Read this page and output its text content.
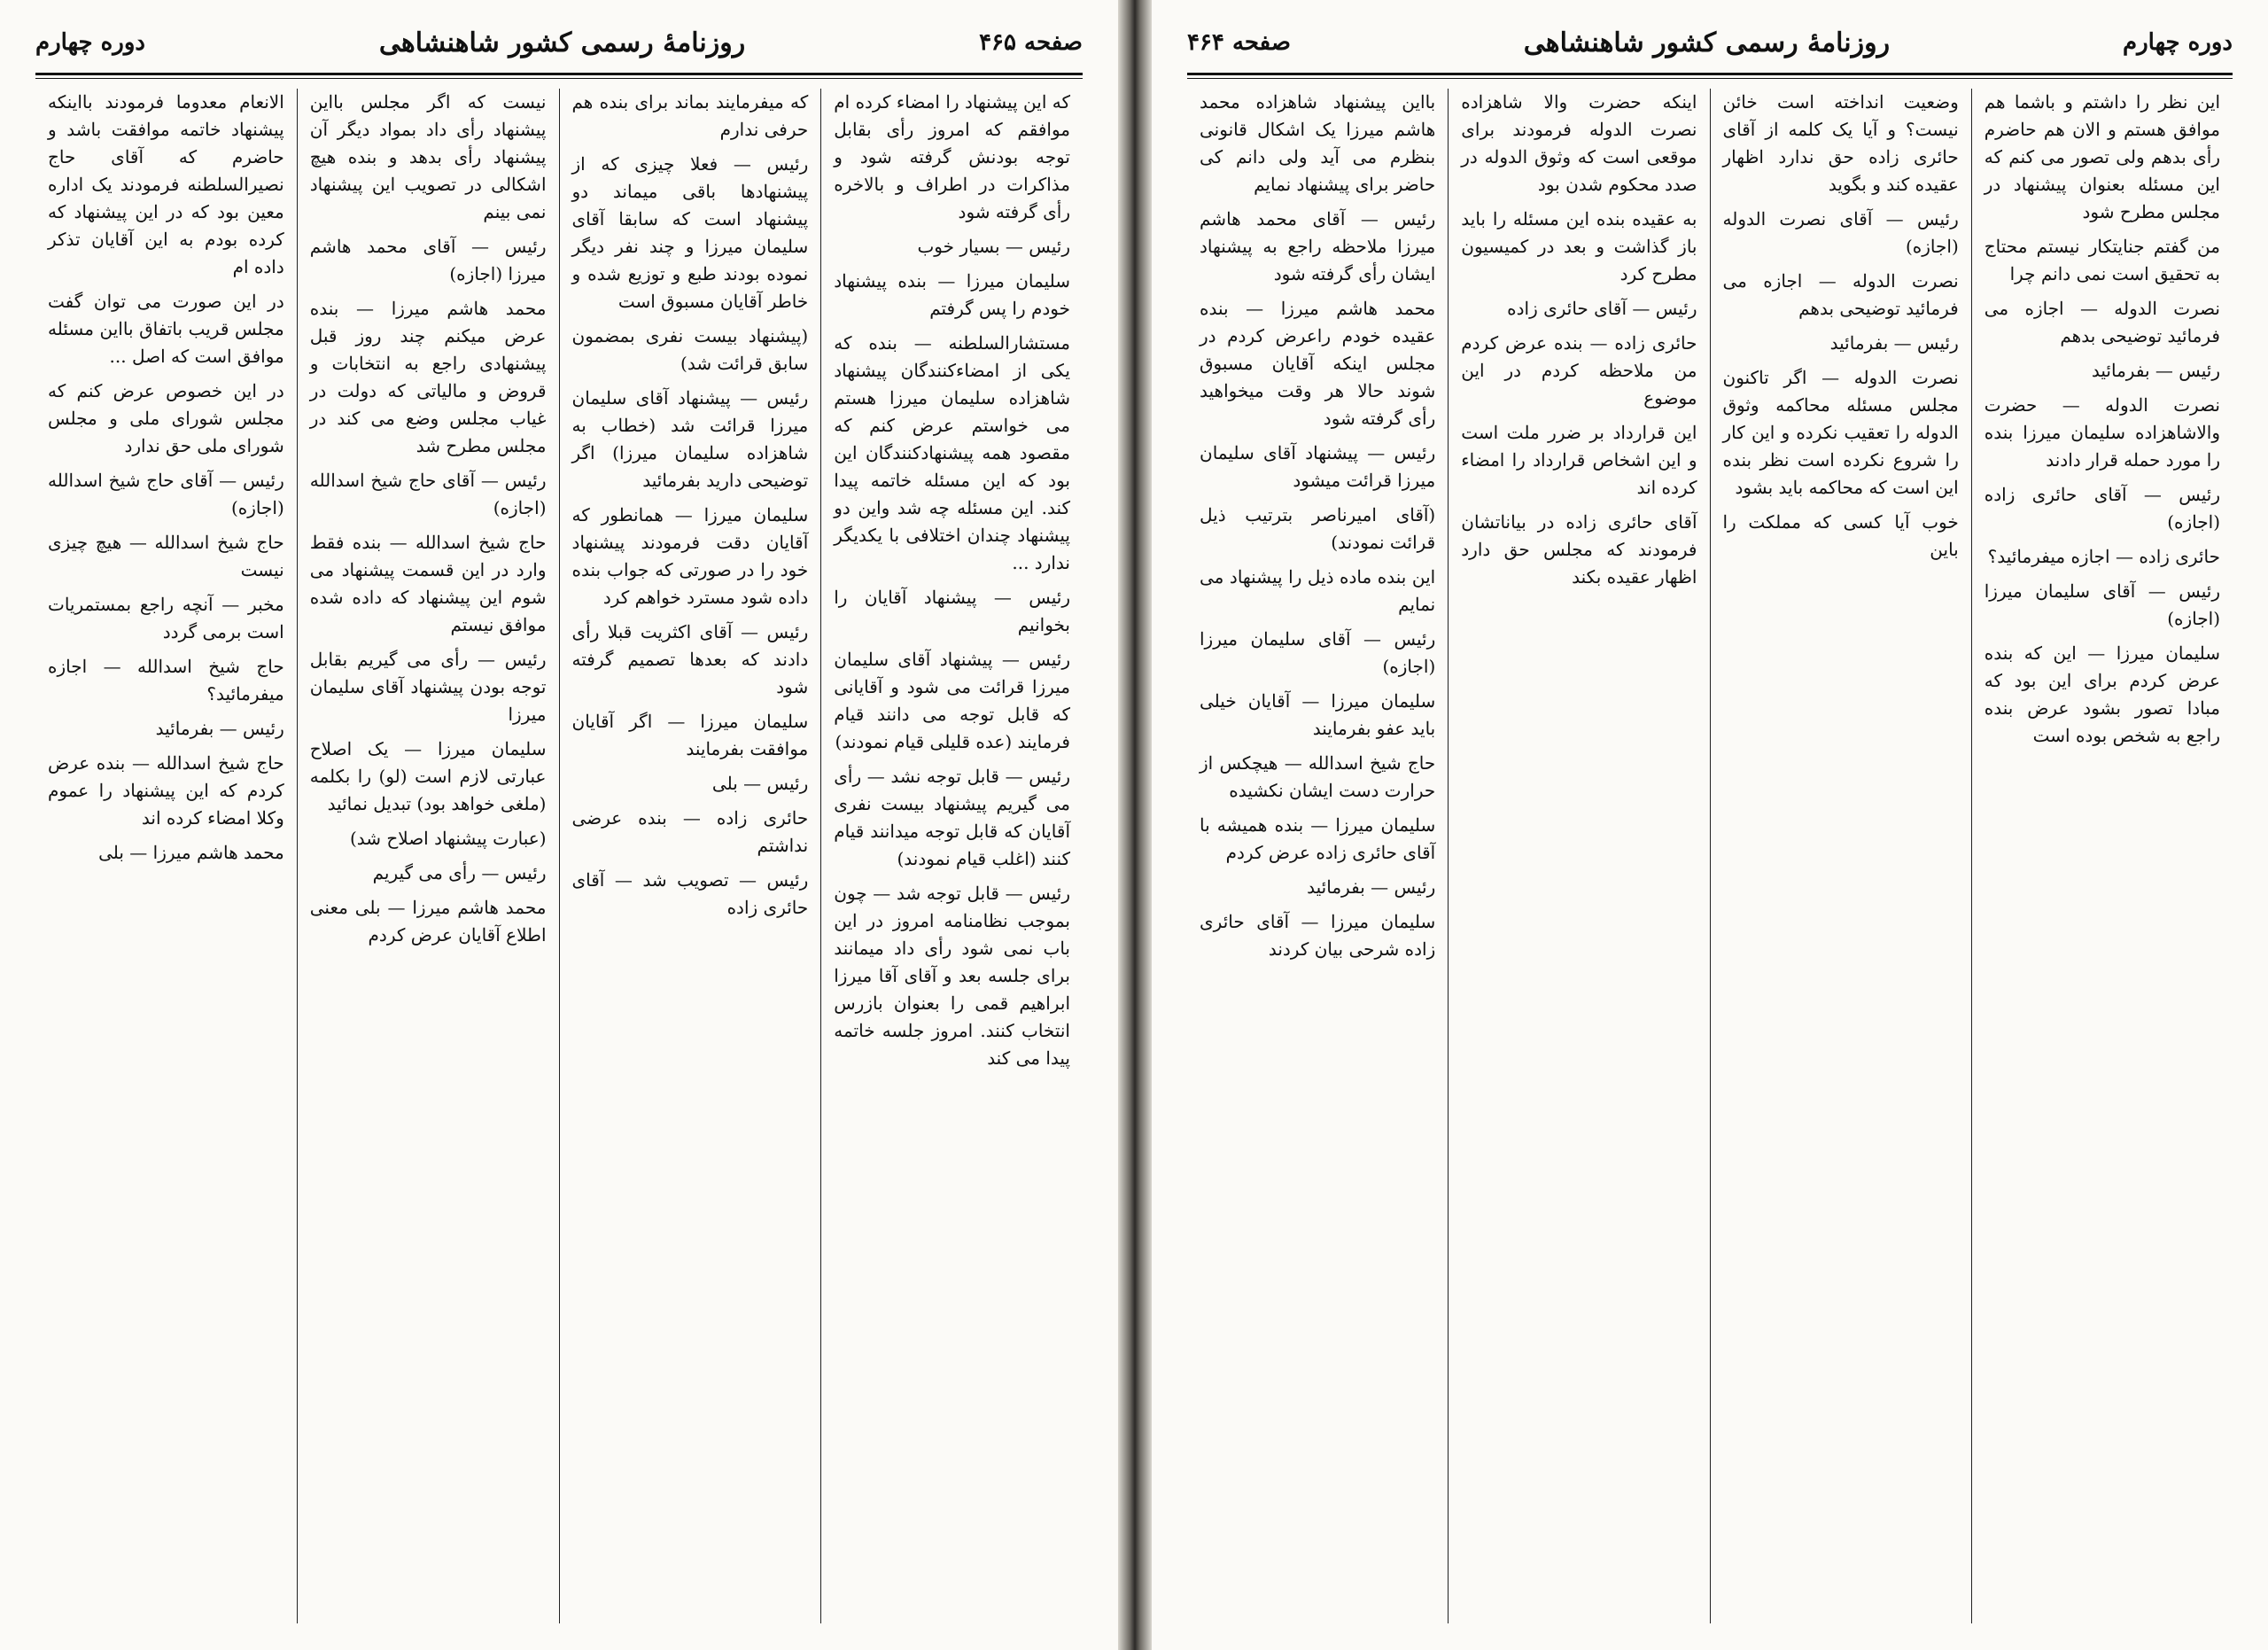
صفحه ۴۶۵
روزنامهٔ رسمی کشور شاهنشاهی
دوره چهارم

که این پیشنهاد را امضاء کرده ام موافقم که امروز رأی بقابل توجه بودنش گرفته شود و مذاکرات در اطراف و بالاخره رأی گرفته شود

رئیس — بسیار خوب

سلیمان میرزا — بنده پیشنهاد خودم را پس گرفتم

مستشارالسلطنه — بنده که یکی از امضاءکنندگان پیشنهاد شاهزاده سلیمان میرزا هستم می خواستم عرض کنم که مقصود همه پیشنهادکنندگان این بود که این مسئله خاتمه پیدا کند. این مسئله چه شد واین دو پیشنهاد چندان اختلافی با یکدیگر ندارد ...

رئیس — پیشنهاد آقایان را بخوانیم

رئیس — پیشنهاد آقای سلیمان میرزا قرائت می شود و آقایانی که قابل توجه می دانند قیام فرمایند (عده قلیلی قیام نمودند)

رئیس — قابل توجه نشد — رأی می گیریم پیشنهاد بیست نفری آقایان که قابل توجه میدانند قیام کنند (اغلب قیام نمودند)

رئیس — قابل توجه شد — چون بموجب نظامنامه امروز در این باب نمی شود رأی داد میمانند برای جلسه بعد و آقای آقا میرزا ابراهیم قمی را بعنوان بازرس انتخاب کنند. امروز جلسه خاتمه پیدا می کند

که میفرمایند بماند برای بنده هم حرفی ندارم

رئیس — فعلا چیزی که از پیشنهادها باقی میماند دو پیشنهاد است که سابقا آقای سلیمان میرزا و چند نفر دیگر نموده بودند طبع و توزیع شده و خاطر آقایان مسبوق است

(پیشنهاد بیست نفری بمضمون سابق قرائت شد)

رئیس — پیشنهاد آقای سلیمان میرزا قرائت شد (خطاب به شاهزاده سلیمان میرزا) اگر توضیحی دارید بفرمائید

سلیمان میرزا — همانطور که آقایان دقت فرمودند پیشنهاد خود را در صورتی که جواب بنده داده شود مسترد خواهم کرد

رئیس — آقای اکثریت قبلا رأی دادند که بعدها تصمیم گرفته شود

سلیمان میرزا — اگر آقایان موافقت بفرمایند

رئیس — بلی

حائری زاده — بنده عرضی نداشتم

رئیس — تصویب شد — آقای حائری زاده

نیست که اگر مجلس بااین پیشنهاد رأی داد بمواد دیگر آن پیشنهاد رأی بدهد و بنده هیچ اشکالی در تصویب این پیشنهاد نمی بینم

رئیس — آقای محمد هاشم میرزا (اجازه)

محمد هاشم میرزا — بنده عرض میکنم چند روز قبل پیشنهادی راجع به انتخابات و قروض و مالیاتی که دولت در غیاب مجلس وضع می کند در مجلس مطرح شد

رئیس — آقای حاج شیخ اسدالله (اجازه)

حاج شیخ اسدالله — بنده فقط وارد در این قسمت پیشنهاد می شوم این پیشنهاد که داده شده موافق نیستم

رئیس — رأی می گیریم بقابل توجه بودن پیشنهاد آقای سلیمان میرزا

سلیمان میرزا — یک اصلاح عبارتی لازم است (لو) را بکلمه (ملغی خواهد بود) تبدیل نمائید

(عبارت پیشنهاد اصلاح شد)

رئیس — رأی می گیریم

محمد هاشم میرزا — بلی معنی اطلاع آقایان عرض کردم

الانعام معدوما فرمودند بااینکه پیشنهاد خاتمه موافقت باشد و حاضرم که آقای حاج نصیرالسلطنه فرمودند یک اداره معین بود که در این پیشنهاد که کرده بودم به این آقایان تذکر داده ام

در این صورت می توان گفت مجلس قریب باتفاق بااین مسئله موافق است که اصل ...

در این خصوص عرض کنم که مجلس شورای ملی و مجلس شورای ملی حق ندارد

رئیس — آقای حاج شیخ اسدالله (اجازه)

حاج شیخ اسدالله — هیچ چیزی نیست

مخبر — آنچه راجع بمستمریات است برمی گردد

حاج شیخ اسدالله — اجازه میفرمائید؟

رئیس — بفرمائید

حاج شیخ اسدالله — بنده عرض کردم که این پیشنهاد را عموم وکلا امضاء کرده اند

محمد هاشم میرزا — بلی

دوره چهارم
روزنامهٔ رسمی کشور شاهنشاهی
صفحه ۴۶۴

این نظر را داشتم و باشما هم موافق هستم و الان هم حاضرم رأی بدهم ولی تصور می کنم که این مسئله بعنوان پیشنهاد در مجلس مطرح شود

من گفتم جنایتکار نیستم محتاج به تحقیق است نمی دانم چرا

نصرت الدوله — اجازه می فرمائید توضیحی بدهم

رئیس — بفرمائید

نصرت الدوله — حضرت والاشاهزاده سلیمان میرزا بنده را مورد حمله قرار دادند

رئیس — آقای حائری زاده (اجازه)

حائری زاده — اجازه میفرمائید؟

رئیس — آقای سلیمان میرزا (اجازه)

سلیمان میرزا — این که بنده عرض کردم برای این بود که مبادا تصور بشود عرض بنده راجع به شخص بوده است

وضعیت انداخته است خائن نیست؟ و آیا یک کلمه از آقای حائری زاده حق ندارد اظهار عقیده کند و بگوید

رئیس — آقای نصرت الدوله (اجازه)

نصرت الدوله — اجازه می فرمائید توضیحی بدهم

رئیس — بفرمائید

نصرت الدوله — اگر تاکنون مجلس مسئله محاکمه وثوق الدوله را تعقیب نکرده و این کار را شروع نکرده است نظر بنده این است که محاکمه باید بشود

خوب آیا کسی که مملکت را باین

اینکه حضرت والا شاهزاده نصرت الدوله فرمودند برای موقعی است که وثوق الدوله در صدد محکوم شدن بود

به عقیده بنده این مسئله را باید باز گذاشت و بعد در کمیسیون مطرح کرد

رئیس — آقای حائری زاده

حائری زاده — بنده عرض کردم من ملاحظه کردم در این موضوع

این قرارداد بر ضرر ملت است و این اشخاص قرارداد را امضاء کرده اند

آقای حائری زاده در بیاناتشان فرمودند که مجلس حق دارد اظهار عقیده بکند

بااین پیشنهاد شاهزاده محمد هاشم میرزا یک اشکال قانونی بنظرم می آید ولی دانم کی حاضر برای پیشنهاد نمایم

رئیس — آقای محمد هاشم میرزا ملاحظه راجع به پیشنهاد ایشان رأی گرفته شود

محمد هاشم میرزا — بنده عقیده خودم راعرض کردم در مجلس اینکه آقایان مسبوق شوند حالا هر وقت میخواهید رأی گرفته شود

رئیس — پیشنهاد آقای سلیمان میرزا قرائت میشود

(آقای امیرناصر بترتیب ذیل قرائت نمودند)

این بنده ماده ذیل را پیشنهاد می نمایم

رئیس — آقای سلیمان میرزا (اجازه)

سلیمان میرزا — آقایان خیلی باید عفو بفرمایند

حاج شیخ اسدالله — هیچکس از حرارت دست ایشان نکشیده

سلیمان میرزا — بنده همیشه با آقای حائری زاده عرض کردم

رئیس — بفرمائید

سلیمان میرزا — آقای حائری زاده شرحی بیان کردند
